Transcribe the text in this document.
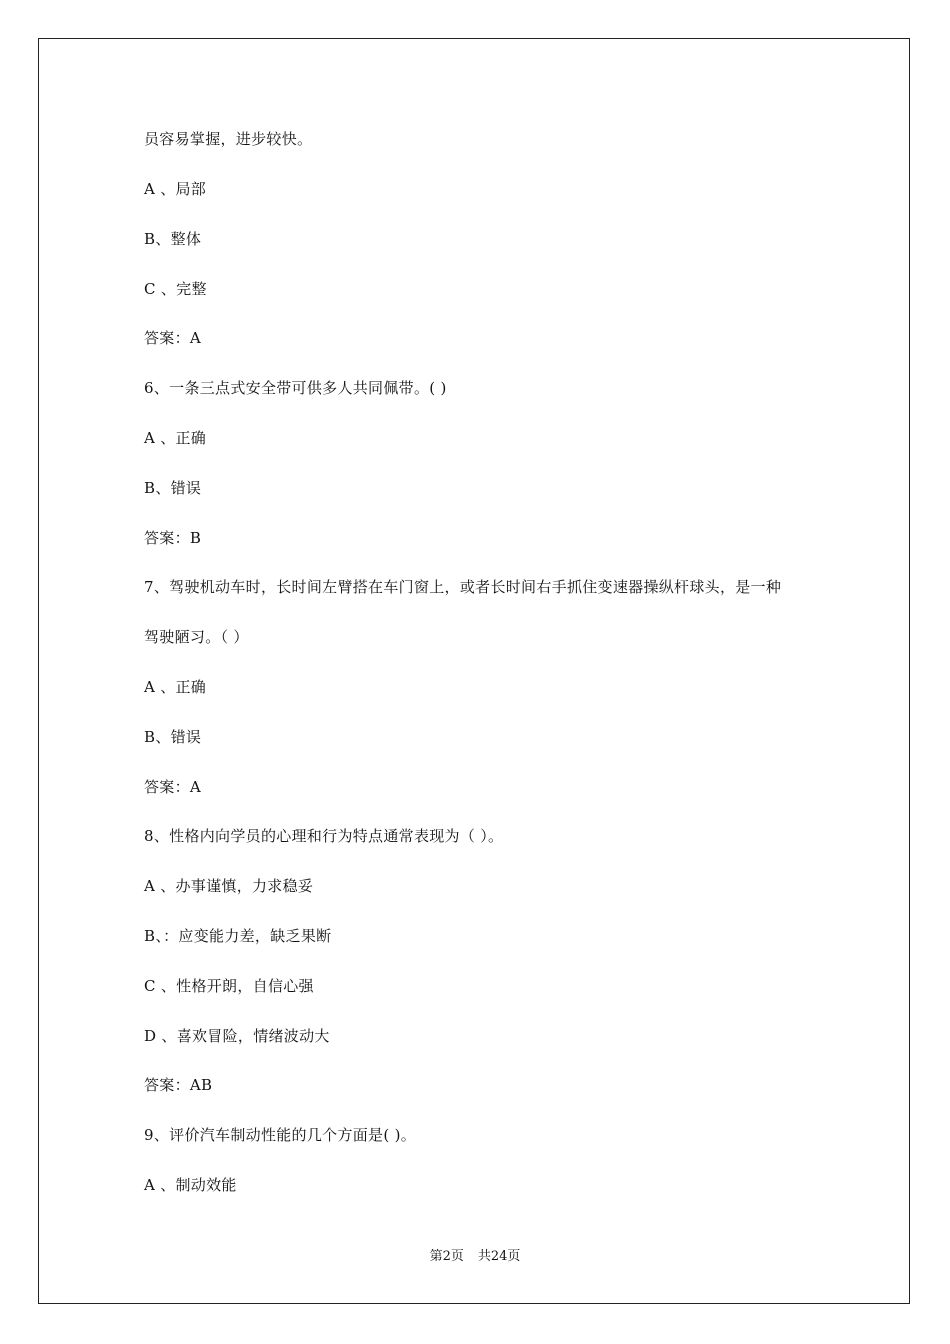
员容易掌握，进步较快。
A 、局部
B、整体
C 、完整
答案：A
6、一条三点式安全带可供多人共同佩带。( )
A 、正确
B、错误
答案：B
7、驾驶机动车时，长时间左臂搭在车门窗上，或者长时间右手抓住变速器操纵杆球头，是一种
驾驶陋习。（ ）
A 、正确
B、错误
答案：A
8、性格内向学员的心理和行为特点通常表现为（ ）。
A 、办事谨慎，力求稳妥
B、：应变能力差，缺乏果断
C 、性格开朗，自信心强
D 、喜欢冒险，情绪波动大
答案：AB
9、评价汽车制动性能的几个方面是( )。
A 、制动效能
第2页 共24页
